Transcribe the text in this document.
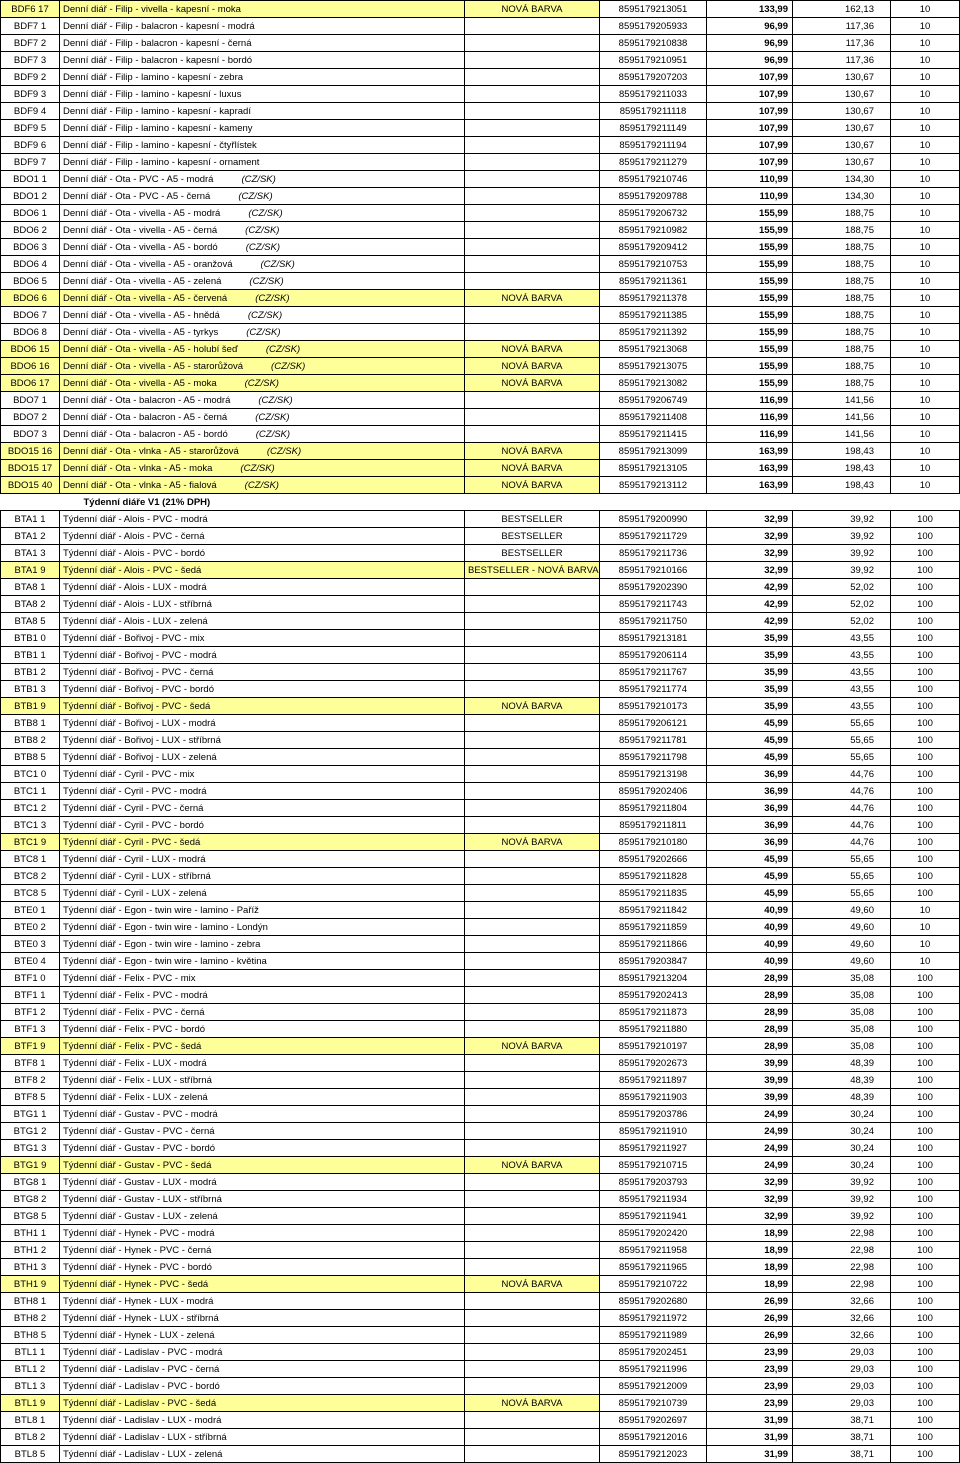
BDF6 17	Denní diář - Filip - vivella - kapesní - moka	NOVÁ BARVA	8595179213051	133,99	162,13	10
BDF7 1	Denní diář - Filip - balacron - kapesní - modrá		8595179205933	96,99	117,36	10
BDF7 2	Denní diář - Filip - balacron - kapesní - černá		8595179210838	96,99	117,36	10
BDF7 3	Denní diář - Filip - balacron - kapesní - bordó		8595179210951	96,99	117,36	10
BDF9 2	Denní diář - Filip - lamino - kapesní - zebra		8595179207203	107,99	130,67	10
BDF9 3	Denní diář - Filip - lamino - kapesní - luxus		8595179211033	107,99	130,67	10
BDF9 4	Denní diář - Filip - lamino - kapesní - kapradí		8595179211118	107,99	130,67	10
BDF9 5	Denní diář - Filip - lamino - kapesní - kameny		8595179211149	107,99	130,67	10
BDF9 6	Denní diář - Filip - lamino - kapesní - čtyřlístek		8595179211194	107,99	130,67	10
BDF9 7	Denní diář - Filip - lamino - kapesní - ornament		8595179211279	107,99	130,67	10
BDO1 1	Denní diář - Ota - PVC - A5 - modrá (CZ/SK)		8595179210746	110,99	134,30	10
BDO1 2	Denní diář - Ota - PVC - A5 - černá (CZ/SK)		8595179209788	110,99	134,30	10
BDO6 1	Denní diář - Ota - vivella - A5 - modrá (CZ/SK)		8595179206732	155,99	188,75	10
BDO6 2	Denní diář - Ota - vivella - A5 - černá (CZ/SK)		8595179210982	155,99	188,75	10
BDO6 3	Denní diář - Ota - vivella - A5 - bordó (CZ/SK)		8595179209412	155,99	188,75	10
BDO6 4	Denní diář - Ota - vivella - A5 - oranžová (CZ/SK)		8595179210753	155,99	188,75	10
BDO6 5	Denní diář - Ota - vivella - A5 - zelená (CZ/SK)		8595179211361	155,99	188,75	10
BDO6 6	Denní diář - Ota - vivella - A5 - červená (CZ/SK)	NOVÁ BARVA	8595179211378	155,99	188,75	10
BDO6 7	Denní diář - Ota - vivella - A5 - hnědá (CZ/SK)		8595179211385	155,99	188,75	10
BDO6 8	Denní diář - Ota - vivella - A5 - tyrkys (CZ/SK)		8595179211392	155,99	188,75	10
BDO6 15	Denní diář - Ota - vivella - A5 - holubí šeď (CZ/SK)	NOVÁ BARVA	8595179213068	155,99	188,75	10
BDO6 16	Denní diář - Ota - vivella - A5 - starorůžová (CZ/SK)	NOVÁ BARVA	8595179213075	155,99	188,75	10
BDO6 17	Denní diář - Ota - vivella - A5 - moka (CZ/SK)	NOVÁ BARVA	8595179213082	155,99	188,75	10
BDO7 1	Denní diář - Ota - balacron - A5 - modrá (CZ/SK)		8595179206749	116,99	141,56	10
BDO7 2	Denní diář - Ota - balacron - A5 - černá (CZ/SK)		8595179211408	116,99	141,56	10
BDO7 3	Denní diář - Ota - balacron - A5 - bordó (CZ/SK)		8595179211415	116,99	141,56	10
BDO15 16	Denní diář - Ota - vlnka - A5 - starorůžová (CZ/SK)	NOVÁ BARVA	8595179213099	163,99	198,43	10
BDO15 17	Denní diář - Ota - vlnka - A5 - moka (CZ/SK)	NOVÁ BARVA	8595179213105	163,99	198,43	10
BDO15 40	Denní diář - Ota - vlnka - A5 - fialová (CZ/SK)	NOVÁ BARVA	8595179213112	163,99	198,43	10
	Týdenní diáře V1 (21% DPH)					
BTA1 1	Týdenní diář - Alois - PVC - modrá	BESTSELLER	8595179200990	32,99	39,92	100
BTA1 2	Týdenní diář - Alois - PVC - černá	BESTSELLER	8595179211729	32,99	39,92	100
BTA1 3	Týdenní diář - Alois - PVC - bordó	BESTSELLER	8595179211736	32,99	39,92	100
BTA1 9	Týdenní diář - Alois - PVC - šedá	BESTSELLER - NOVÁ BARVA	8595179210166	32,99	39,92	100
BTA8 1	Týdenní diář - Alois - LUX - modrá		8595179202390	42,99	52,02	100
BTA8 2	Týdenní diář - Alois - LUX - stříbrná		8595179211743	42,99	52,02	100
BTA8 5	Týdenní diář - Alois - LUX - zelená		8595179211750	42,99	52,02	100
BTB1 0	Týdenní diář - Bořivoj - PVC - mix		8595179213181	35,99	43,55	100
BTB1 1	Týdenní diář - Bořivoj - PVC - modrá		8595179206114	35,99	43,55	100
BTB1 2	Týdenní diář - Bořivoj - PVC - černá		8595179211767	35,99	43,55	100
BTB1 3	Týdenní diář - Bořivoj - PVC - bordó		8595179211774	35,99	43,55	100
BTB1 9	Týdenní diář - Bořivoj - PVC - šedá	NOVÁ BARVA	8595179210173	35,99	43,55	100
BTB8 1	Týdenní diář - Bořivoj - LUX - modrá		8595179206121	45,99	55,65	100
BTB8 2	Týdenní diář - Bořivoj - LUX - stříbrná		8595179211781	45,99	55,65	100
BTB8 5	Týdenní diář - Bořivoj - LUX - zelená		8595179211798	45,99	55,65	100
BTC1 0	Týdenní diář - Cyril - PVC - mix		8595179213198	36,99	44,76	100
BTC1 1	Týdenní diář - Cyril - PVC - modrá		8595179202406	36,99	44,76	100
BTC1 2	Týdenní diář - Cyril - PVC - černá		8595179211804	36,99	44,76	100
BTC1 3	Týdenní diář - Cyril - PVC - bordó		8595179211811	36,99	44,76	100
BTC1 9	Týdenní diář - Cyril - PVC - šedá	NOVÁ BARVA	8595179210180	36,99	44,76	100
BTC8 1	Týdenní diář - Cyril - LUX - modrá		8595179202666	45,99	55,65	100
BTC8 2	Týdenní diář - Cyril - LUX - stříbrná		8595179211828	45,99	55,65	100
BTC8 5	Týdenní diář - Cyril - LUX - zelená		8595179211835	45,99	55,65	100
BTE0 1	Týdenní diář - Egon - twin wire - lamino - Paříž		8595179211842	40,99	49,60	10
BTE0 2	Týdenní diář - Egon - twin wire - lamino - Londýn		8595179211859	40,99	49,60	10
BTE0 3	Týdenní diář - Egon - twin wire - lamino - zebra		8595179211866	40,99	49,60	10
BTE0 4	Týdenní diář - Egon - twin wire - lamino - květina		8595179203847	40,99	49,60	10
BTF1 0	Týdenní diář - Felix - PVC - mix		8595179213204	28,99	35,08	100
BTF1 1	Týdenní diář - Felix - PVC - modrá		8595179202413	28,99	35,08	100
BTF1 2	Týdenní diář - Felix - PVC - černá		8595179211873	28,99	35,08	100
BTF1 3	Týdenní diář - Felix - PVC - bordó		8595179211880	28,99	35,08	100
BTF1 9	Týdenní diář - Felix - PVC - šedá	NOVÁ BARVA	8595179210197	28,99	35,08	100
BTF8 1	Týdenní diář - Felix - LUX - modrá		8595179202673	39,99	48,39	100
BTF8 2	Týdenní diář - Felix - LUX - stříbrná		8595179211897	39,99	48,39	100
BTF8 5	Týdenní diář - Felix - LUX - zelená		8595179211903	39,99	48,39	100
BTG1 1	Týdenní diář - Gustav - PVC - modrá		8595179203786	24,99	30,24	100
BTG1 2	Týdenní diář - Gustav - PVC - černá		8595179211910	24,99	30,24	100
BTG1 3	Týdenní diář - Gustav - PVC - bordó		8595179211927	24,99	30,24	100
BTG1 9	Týdenní diář - Gustav - PVC - šedá	NOVÁ BARVA	8595179210715	24,99	30,24	100
BTG8 1	Týdenní diář - Gustav - LUX - modrá		8595179203793	32,99	39,92	100
BTG8 2	Týdenní diář - Gustav - LUX - stříbrná		8595179211934	32,99	39,92	100
BTG8 5	Týdenní diář - Gustav - LUX - zelená		8595179211941	32,99	39,92	100
BTH1 1	Týdenní diář - Hynek - PVC - modrá		8595179202420	18,99	22,98	100
BTH1 2	Týdenní diář - Hynek - PVC - černá		8595179211958	18,99	22,98	100
BTH1 3	Týdenní diář - Hynek - PVC - bordó		8595179211965	18,99	22,98	100
BTH1 9	Týdenní diář - Hynek - PVC - šedá	NOVÁ BARVA	8595179210722	18,99	22,98	100
BTH8 1	Týdenní diář - Hynek - LUX - modrá		8595179202680	26,99	32,66	100
BTH8 2	Týdenní diář - Hynek - LUX - stříbrná		8595179211972	26,99	32,66	100
BTH8 5	Týdenní diář - Hynek - LUX - zelená		8595179211989	26,99	32,66	100
BTL1 1	Týdenní diář - Ladislav - PVC - modrá		8595179202451	23,99	29,03	100
BTL1 2	Týdenní diář - Ladislav - PVC - černá		8595179211996	23,99	29,03	100
BTL1 3	Týdenní diář - Ladislav - PVC - bordó		8595179212009	23,99	29,03	100
BTL1 9	Týdenní diář - Ladislav - PVC - šedá	NOVÁ BARVA	8595179210739	23,99	29,03	100
BTL8 1	Týdenní diář - Ladislav - LUX - modrá		8595179202697	31,99	38,71	100
BTL8 2	Týdenní diář - Ladislav - LUX - stříbrná		8595179212016	31,99	38,71	100
BTL8 5	Týdenní diář - Ladislav - LUX - zelená		8595179212023	31,99	38,71	100
